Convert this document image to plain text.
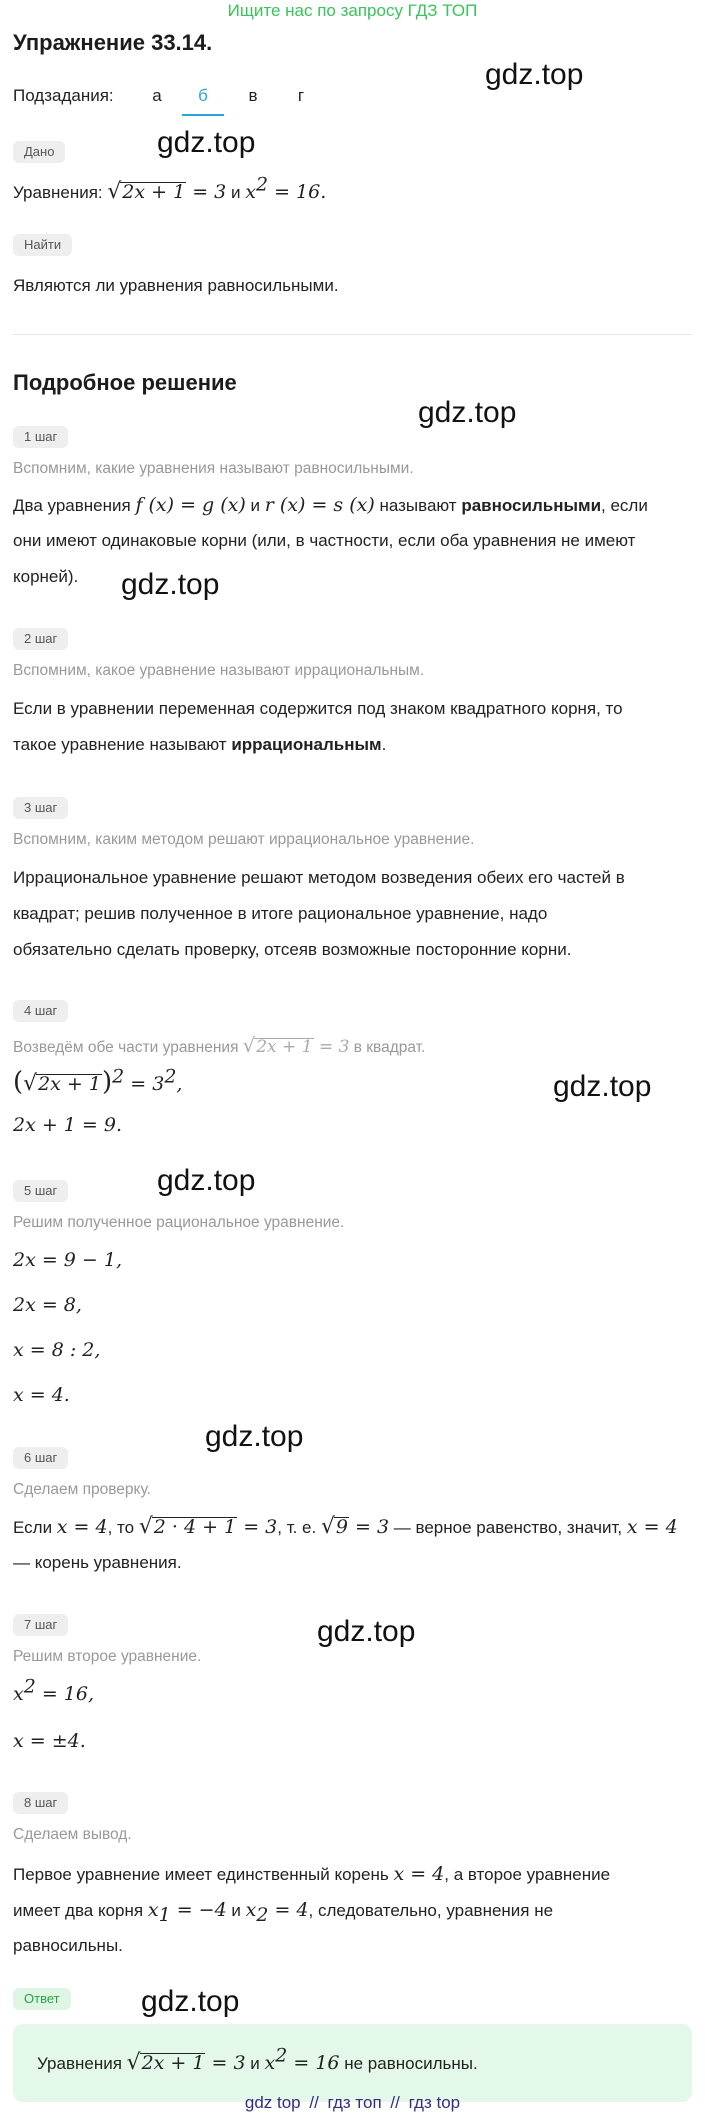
Ищите нас по запросу ГДЗ ТОП
Упражнение 33.14.
Подзадания:	а	б	в	г
gdz.top
gdz.top
gdz.top
gdz.top
gdz.top
gdz.top
gdz.top
gdz.top
gdz.top
Дано
Уравнения: √2x + 1 = 3 и $x^2 = 16$.
Найти
Являются ли уравнения равносильными.
Подробное решение
1 шаг
Вспомним, какие уравнения называют равносильными.
Два уравнения f (x) = g (x) и r (x) = s (x) называют равносильными, если
они имеют одинаковые корни (или, в частности, если оба уравнения не имеют
корней).
2 шаг
Вспомним, какое уравнение называют иррациональным.
Если в уравнении переменная содержится под знаком квадратного корня, то
такое уравнение называют иррациональным.
3 шаг
Вспомним, каким методом решают иррациональное уравнение.
Иррациональное уравнение решают методом возведения обеих его частей в
квадрат; решив полученное в итоге рациональное уравнение, надо
обязательно сделать проверку, отсеяв возможные посторонние корни.
4 шаг
Возведём обе части уравнения √2x + 1 = 3 в квадрат.
$(√2x + 1)^2 = 3^2$,
2x + 1 = 9.
5 шаг
Решим полученное рациональное уравнение.
2x = 9 − 1,
2x = 8,
x = 8 : 2,
x = 4.
6 шаг
Сделаем проверку.
Если x = 4, то √2 · 4 + 1 = 3, т. е. √9 = 3 — верное равенство, значит, x = 4
— корень уравнения.
7 шаг
Решим второе уравнение.
$x^2 = 16$,
x = ±4.
8 шаг
Сделаем вывод.
Первое уравнение имеет единственный корень x = 4, а второе уравнение
имеет два корня $x_1 = -4$ и $x_2 = 4$, следовательно, уравнения не
равносильны.
Ответ
Уравнения √2x + 1 = 3 и $x^2 = 16$ не равносильны.
gdz top // гдз топ // гдз top
